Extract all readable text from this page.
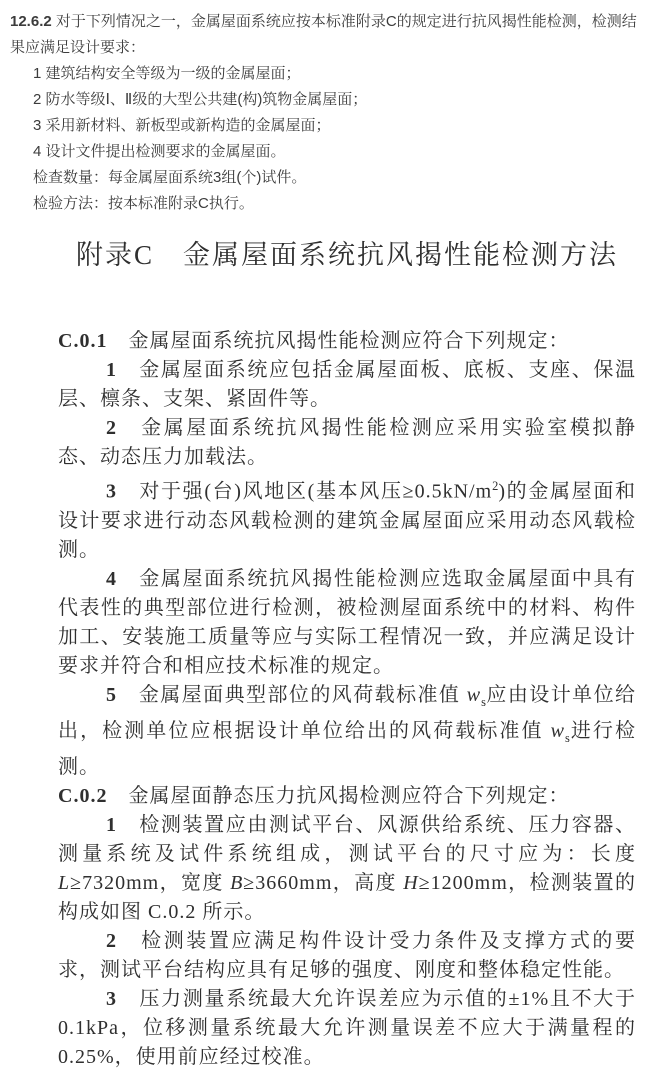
12.6.2 对于下列情况之一，金属屋面系统应按本标准附录C的规定进行抗风揭性能检测，检测结果应满足设计要求：

1 建筑结构安全等级为一级的金属屋面；

2 防水等级Ⅰ、Ⅱ级的大型公共建(构)筑物金属屋面；

3 采用新材料、新板型或新构造的金属屋面；

4 设计文件提出检测要求的金属屋面。

检查数量：每金属屋面系统3组(个)试件。

检验方法：按本标准附录C执行。

附录C　金属屋面系统抗风揭性能检测方法

C.0.1　金属屋面系统抗风揭性能检测应符合下列规定：

1　金属屋面系统应包括金属屋面板、底板、支座、保温层、檩条、支架、紧固件等。

2　金属屋面系统抗风揭性能检测应采用实验室模拟静态、动态压力加载法。

3　对于强(台)风地区(基本风压$\ge 0.5kN/m^2$)的金属屋面和设计要求进行动态风载检测的建筑金属屋面应采用动态风载检测。

4　金属屋面系统抗风揭性能检测应选取金属屋面中具有代表性的典型部位进行检测，被检测屋面系统中的材料、构件加工、安装施工质量等应与实际工程情况一致，并应满足设计要求并符合和相应技术标准的规定。

5　金属屋面典型部位的风荷载标准值 $w_s$应由设计单位给出，检测单位应根据设计单位给出的风荷载标准值 $w_s$进行检测。

C.0.2　金属屋面静态压力抗风揭检测应符合下列规定：

1　检测装置应由测试平台、风源供给系统、压力容器、测量系统及试件系统组成，测试平台的尺寸应为：长度 L≥7320mm，宽度 B≥3660mm，高度 H≥1200mm，检测装置的构成如图 C.0.2 所示。

2　检测装置应满足构件设计受力条件及支撑方式的要求，测试平台结构应具有足够的强度、刚度和整体稳定性能。

3　压力测量系统最大允许误差应为示值的±1%且不大于0.1kPa，位移测量系统最大允许测量误差不应大于满量程的0.25%，使用前应经过校准。
